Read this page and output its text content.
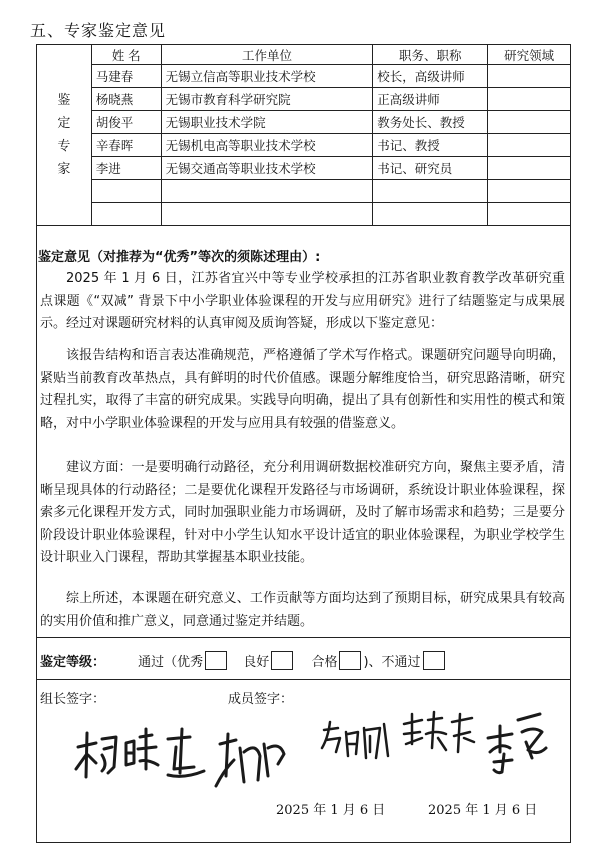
五、专家鉴定意见
鉴
定
专
家	姓 名	工作单位	职务、职称	研究领域
	马建春	无锡立信高等职业技术学校	校长，高级讲师	
	杨晓燕	无锡市教育科学研究院	正高级讲师	
	胡俊平	无锡职业技术学院	教务处长、教授	
	辛春晖	无锡机电高等职业技术学校	书记、教授	
	李进	无锡交通高等职业技术学校	书记、研究员	

鉴定意见（对推荐为“优秀”等次的须陈述理由）:

2025 年 1 月 6 日，江苏省宜兴中等专业学校承担的江苏省职业教育教学改革研究重点课题《“双减” 背景下中小学职业体验课程的开发与应用研究》进行了结题鉴定与成果展示。经过对课题研究材料的认真审阅及质询答疑，形成以下鉴定意见：

该报告结构和语言表达准确规范，严格遵循了学术写作格式。课题研究问题导向明确，紧贴当前教育改革热点，具有鲜明的时代价值感。课题分解维度恰当，研究思路清晰，研究过程扎实，取得了丰富的研究成果。实践导向明确，提出了具有创新性和实用性的模式和策略，对中小学职业体验课程的开发与应用具有较强的借鉴意义。

建议方面：一是要明确行动路径，充分利用调研数据校准研究方向，聚焦主要矛盾，清晰呈现具体的行动路径；二是要优化课程开发路径与市场调研，系统设计职业体验课程，探索多元化课程开发方式，同时加强职业能力市场调研，及时了解市场需求和趋势；三是要分阶段设计职业体验课程，针对中小学生认知水平设计适宜的职业体验课程，为职业学校学生设计职业入门课程，帮助其掌握基本职业技能。

综上所述，本课题在研究意义、工作贡献等方面均达到了预期目标，研究成果具有较高的实用价值和推广意义，同意通过鉴定并结题。

鉴定等级：	通过（优秀	良好	合格 )、不通过
组长签字：	成员签字：
2025 年 1 月 6 日	2025 年 1 月 6 日
